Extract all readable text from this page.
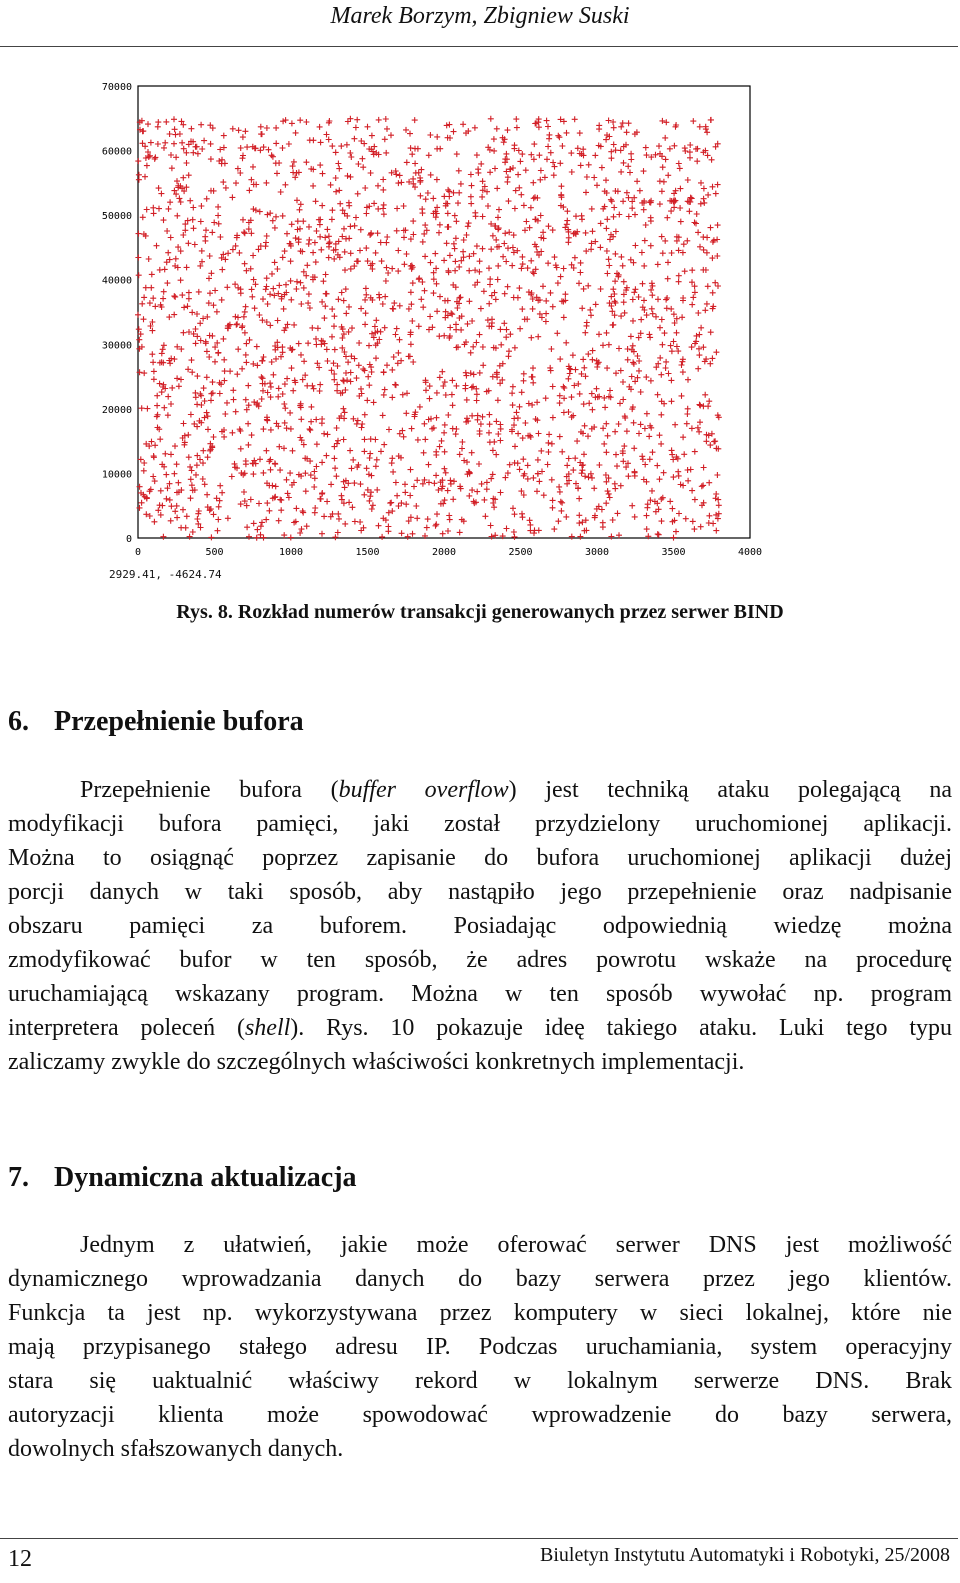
Marek Borzym, Zbigniew Suski
0
10000
20000
30000
40000
50000
60000
70000
0	500	1000	1500	2000	2500	3000	3500	4000
2929.41, -4624.74
Rys. 8. Rozkład numerów transakcji generowanych przez serwer BIND
6. Przepełnienie bufora
Przepełnienie bufora (buffer overflow) jest techniką ataku polegającą na
modyfikacji bufora pamięci, jaki został przydzielony uruchomionej aplikacji.
Można to osiągnąć poprzez zapisanie do bufora uruchomionej aplikacji dużej
porcji danych w taki sposób, aby nastąpiło jego przepełnienie oraz nadpisanie
obszaru pamięci za buforem. Posiadając odpowiednią wiedzę można
zmodyfikować bufor w ten sposób, że adres powrotu wskaże na procedurę
uruchamiającą wskazany program. Można w ten sposób wywołać np. program
interpretera poleceń (shell). Rys. 10 pokazuje ideę takiego ataku. Luki tego typu
zaliczamy zwykle do szczególnych właściwości konkretnych implementacji.
7. Dynamiczna aktualizacja
Jednym z ułatwień, jakie może oferować serwer DNS jest możliwość
dynamicznego wprowadzania danych do bazy serwera przez jego klientów.
Funkcja ta jest np. wykorzystywana przez komputery w sieci lokalnej, które nie
mają przypisanego stałego adresu IP. Podczas uruchamiania, system operacyjny
stara się uaktualnić właściwy rekord w lokalnym serwerze DNS. Brak
autoryzacji klienta może spowodować wprowadzenie do bazy serwera,
dowolnych sfałszowanych danych.
12	Biuletyn Instytutu Automatyki i Robotyki, 25/2008
